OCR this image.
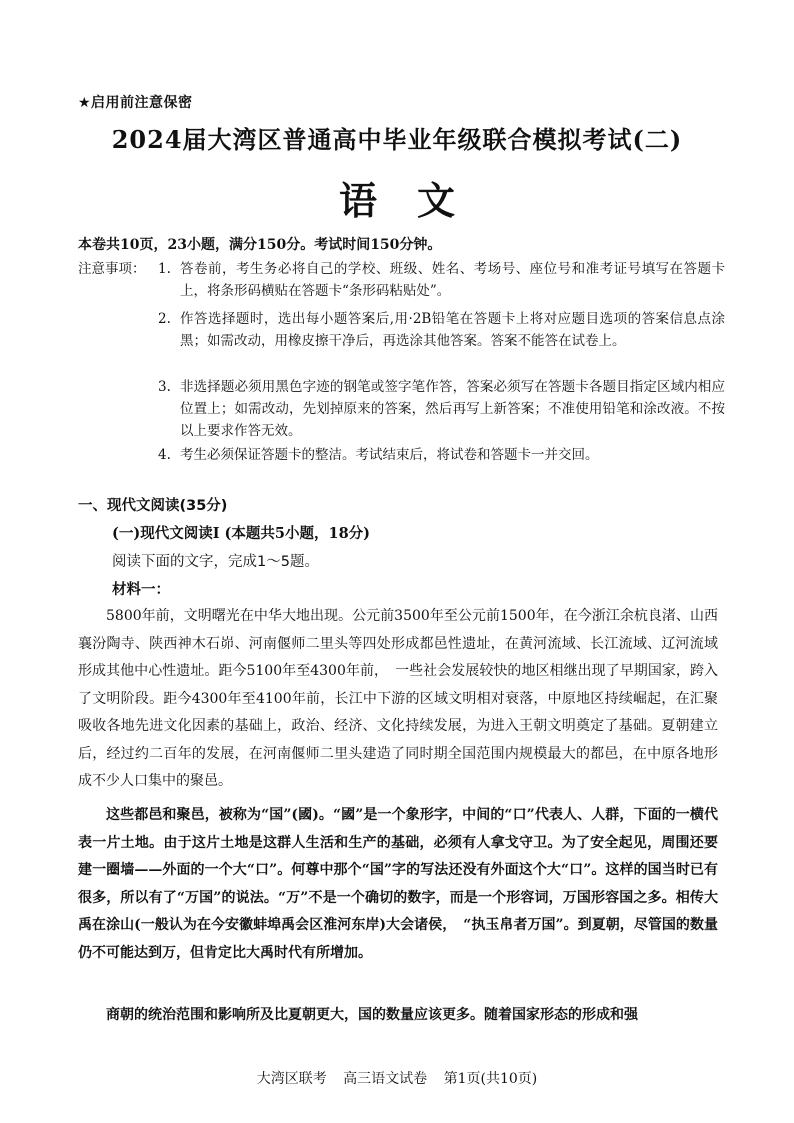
★启用前注意保密
2024届大湾区普通高中毕业年级联合模拟考试(二)
语文
本卷共10页，23小题，满分150分。考试时间150分钟。
注意事项： 1. 答卷前，考生务必将自己的学校、班级、姓名、考场号、座位号和准考证号填写在答题卡上，将条形码横贴在答题卡“条形码粘贴处”。
2. 作答选择题时，选出每小题答案后,用·2B铅笔在答题卡上将对应题目选项的答案信息点涂黑；如需改动，用橡皮擦干净后，再选涂其他答案。答案不能答在试卷上。
3. 非选择题必须用黑色字迹的钢笔或签字笔作答，答案必须写在答题卡各题目指定区域内相应位置上；如需改动，先划掉原来的答案，然后再写上新答案；不准使用铅笔和涂改液。不按以上要求作答无效。
4. 考生必须保证答题卡的整洁。考试结束后，将试卷和答题卡一并交回。
一、现代文阅读(35分)
(一)现代文阅读Ⅰ (本题共5小题，18分)
阅读下面的文字，完成1～5题。
材料一：

5800年前，文明曙光在中华大地出现。公元前3500年至公元前1500年，在今浙江余杭良渚、山西襄汾陶寺、陕西神木石峁、河南偃师二里头等四处形成都邑性遗址，在黄河流域、长江流域、辽河流域形成其他中心性遗址。距今5100年至4300年前，　一些社会发展较快的地区相继出现了早期国家，跨入了文明阶段。距今4300年至4100年前，长江中下游的区域文明相对衰落，中原地区持续崛起，在汇聚吸收各地先进文化因素的基础上，政治、经济、文化持续发展，为进入王朝文明奠定了基础。夏朝建立后，经过约二百年的发展，在河南偃师二里头建造了同时期全国范围内规模最大的都邑，在中原各地形成不少人口集中的聚邑。

这些都邑和聚邑，被称为“国”(國)。“國”是一个象形字，中间的“口”代表人、人群，下面的一横代表一片土地。由于这片土地是这群人生活和生产的基础，必须有人拿戈守卫。为了安全起见，周围还要建一圈墙——外面的一个大“口”。何尊中那个“国”字的写法还没有外面这个大“口”。这样的国当时已有很多，所以有了“万国”的说法。“万”不是一个确切的数字，而是一个形容词，万国形容国之多。相传大禹在涂山(一般认为在今安徽蚌埠禹会区淮河东岸)大会诸侯，　“执玉帛者万国”。到夏朝，尽管国的数量仍不可能达到万，但肯定比大禹时代有所增加。

商朝的统治范围和影响所及比夏朝更大，国的数量应该更多。随着国家形态的形成和强

大湾区联考 高三语文试卷 第1页(共10页)
